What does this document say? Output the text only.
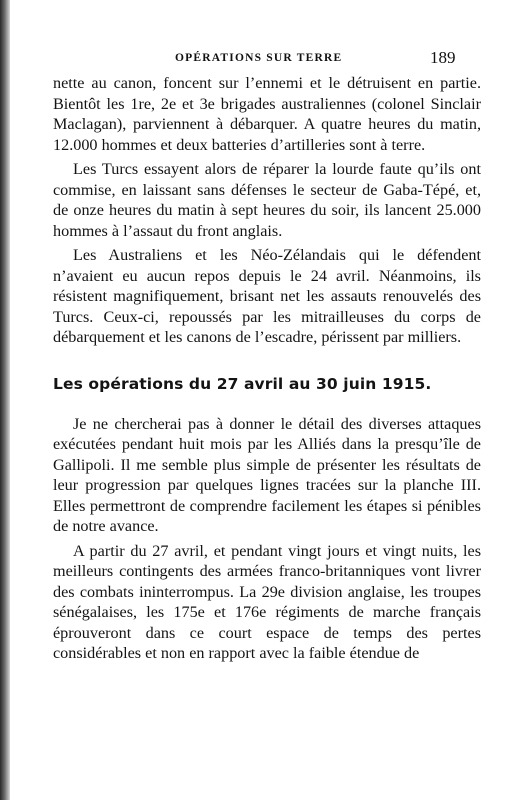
OPÉRATIONS SUR TERRE	189

nette au canon, foncent sur l’ennemi et le détruisent en partie. Bientôt les 1re, 2e et 3e brigades australiennes (colonel Sinclair Maclagan), parviennent à débarquer. A quatre heures du matin, 12.000 hommes et deux batteries d’artilleries sont à terre.

Les Turcs essayent alors de réparer la lourde faute qu’ils ont commise, en laissant sans défenses le secteur de Gaba-Tépé, et, de onze heures du matin à sept heures du soir, ils lancent 25.000 hommes à l’assaut du front anglais.

Les Australiens et les Néo-Zélandais qui le défendent n’avaient eu aucun repos depuis le 24 avril. Néanmoins, ils résistent magnifiquement, brisant net les assauts renouvelés des Turcs. Ceux-ci, repoussés par les mitrailleuses du corps de débarquement et les canons de l’escadre, périssent par milliers.

Les opérations du 27 avril au 30 juin 1915.

Je ne chercherai pas à donner le détail des diverses attaques exécutées pendant huit mois par les Alliés dans la presqu’île de Gallipoli. Il me semble plus simple de présenter les résultats de leur progression par quelques lignes tracées sur la planche III. Elles permettront de comprendre facilement les étapes si pénibles de notre avance.

A partir du 27 avril, et pendant vingt jours et vingt nuits, les meilleurs contingents des armées franco-britanniques vont livrer des combats ininterrompus. La 29e division anglaise, les troupes sénégalaises, les 175e et 176e régiments de marche français éprouveront dans ce court espace de temps des pertes considérables et non en rapport avec la faible étendue de
